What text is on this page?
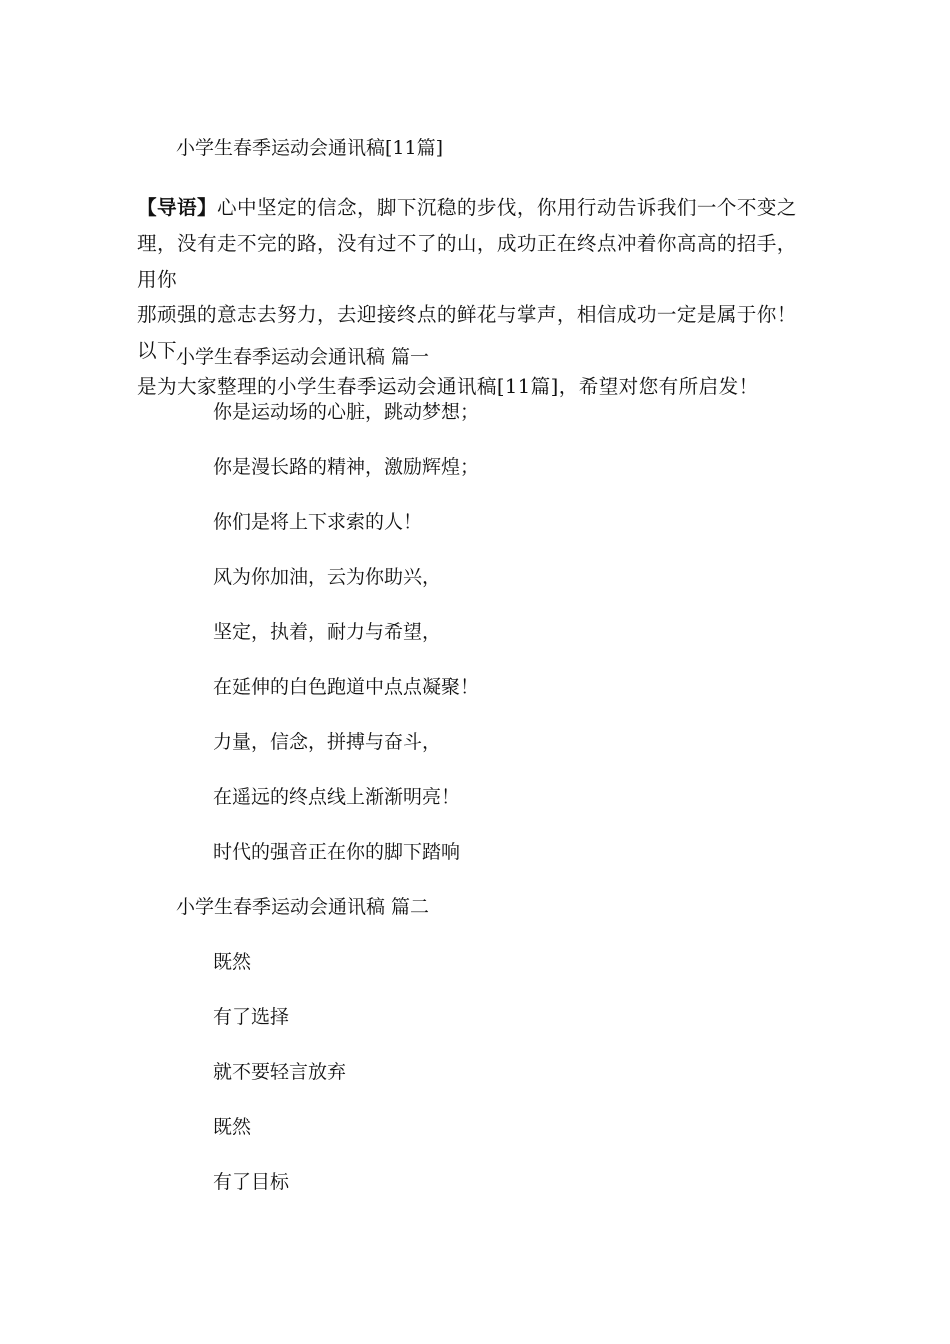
小学生春季运动会通讯稿[11篇]

【导语】心中坚定的信念，脚下沉稳的步伐，你用行动告诉我们一个不变之

理，没有走不完的路，没有过不了的山，成功正在终点冲着你高高的招手，用你

那顽强的意志去努力，去迎接终点的鲜花与掌声，相信成功一定是属于你！以下

是为大家整理的小学生春季运动会通讯稿[11篇]，希望对您有所启发！

小学生春季运动会通讯稿 篇一
你是运动场的心脏，跳动梦想；
你是漫长路的精神，激励辉煌；
你们是将上下求索的人！
风为你加油，云为你助兴，
坚定，执着，耐力与希望，
在延伸的白色跑道中点点凝聚！
力量，信念，拼搏与奋斗，
在遥远的终点线上渐渐明亮！
时代的强音正在你的脚下踏响
小学生春季运动会通讯稿 篇二
既然
有了选择
就不要轻言放弃
既然
有了目标
